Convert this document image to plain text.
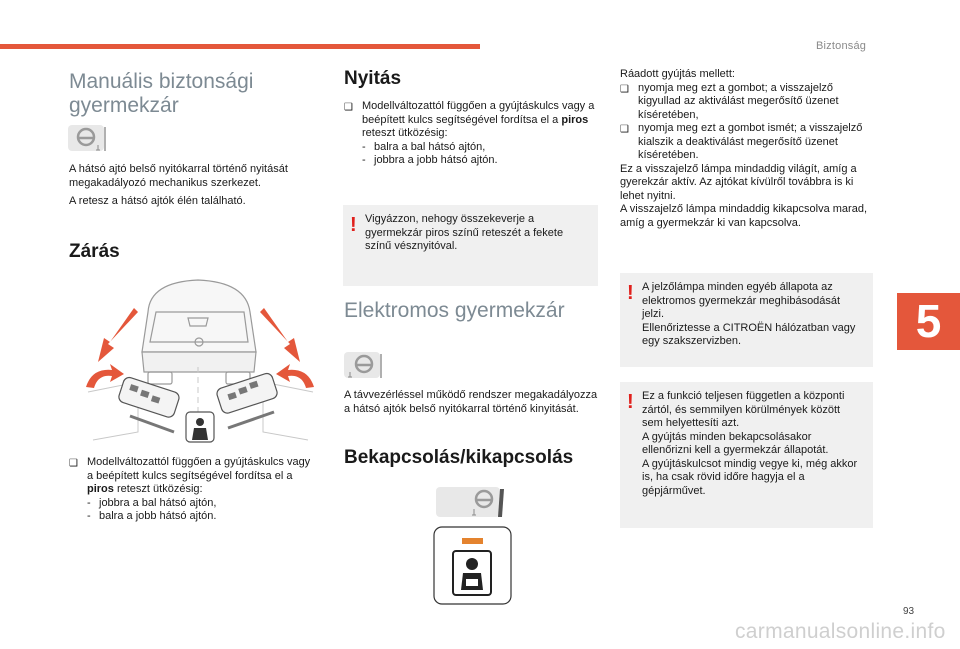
Biztonság
5
93
carmanualsonline.info
Manuális biztonsági gyermekzár

A hátsó ajtó belső nyitókarral történő nyitását megakadályozó mechanikus szerkezet.

A retesz a hátsó ajtók élén található.

Zárás
❑ Modellváltozattól függően a gyújtáskulcs vagy a beépített kulcs segítségével fordítsa el a piros reteszt ütközésig:
- jobbra a bal hátsó ajtón,
- balra a jobb hátsó ajtón.
Nyitás
❑ Modellváltozattól függően a gyújtáskulcs vagy a beépített kulcs segítségével fordítsa el a piros reteszt ütközésig:
- balra a bal hátsó ajtón,
- jobbra a jobb hátsó ajtón.
! Vigyázzon, nehogy összekeverje a gyermekzár piros színű reteszét a fekete színű vésznyitóval.

Elektromos gyermekzár

A távvezérléssel működő rendszer megakadályozza a hátsó ajtók belső nyitókarral történő kinyitását.

Bekapcsolás/kikapcsolás

Ráadott gyújtás mellett:

❑ nyomja meg ezt a gombot; a visszajelző kigyullad az aktiválást megerősítő üzenet kíséretében,
❑ nyomja meg ezt a gombot ismét; a visszajelző kialszik a deaktiválást megerősítő üzenet kíséretében.

Ez a visszajelző lámpa mindaddig világít, amíg a gyerekzár aktív. Az ajtókat kívülről továbbra is ki lehet nyitni.

A visszajelző lámpa mindaddig kikapcsolva marad, amíg a gyermekzár ki van kapcsolva.

! A jelzőlámpa minden egyéb állapota az elektromos gyermekzár meghibásodását jelzi.

Ellenőriztesse a CITROËN hálózatban vagy egy szakszervizben.

! Ez a funkció teljesen független a központi zártól, és semmilyen körülmények között sem helyettesíti azt.

A gyújtás minden bekapcsolásakor ellenőrizni kell a gyermekzár állapotát.

A gyújtáskulcsot mindig vegye ki, még akkor is, ha csak rövid időre hagyja el a gépjárművet.
